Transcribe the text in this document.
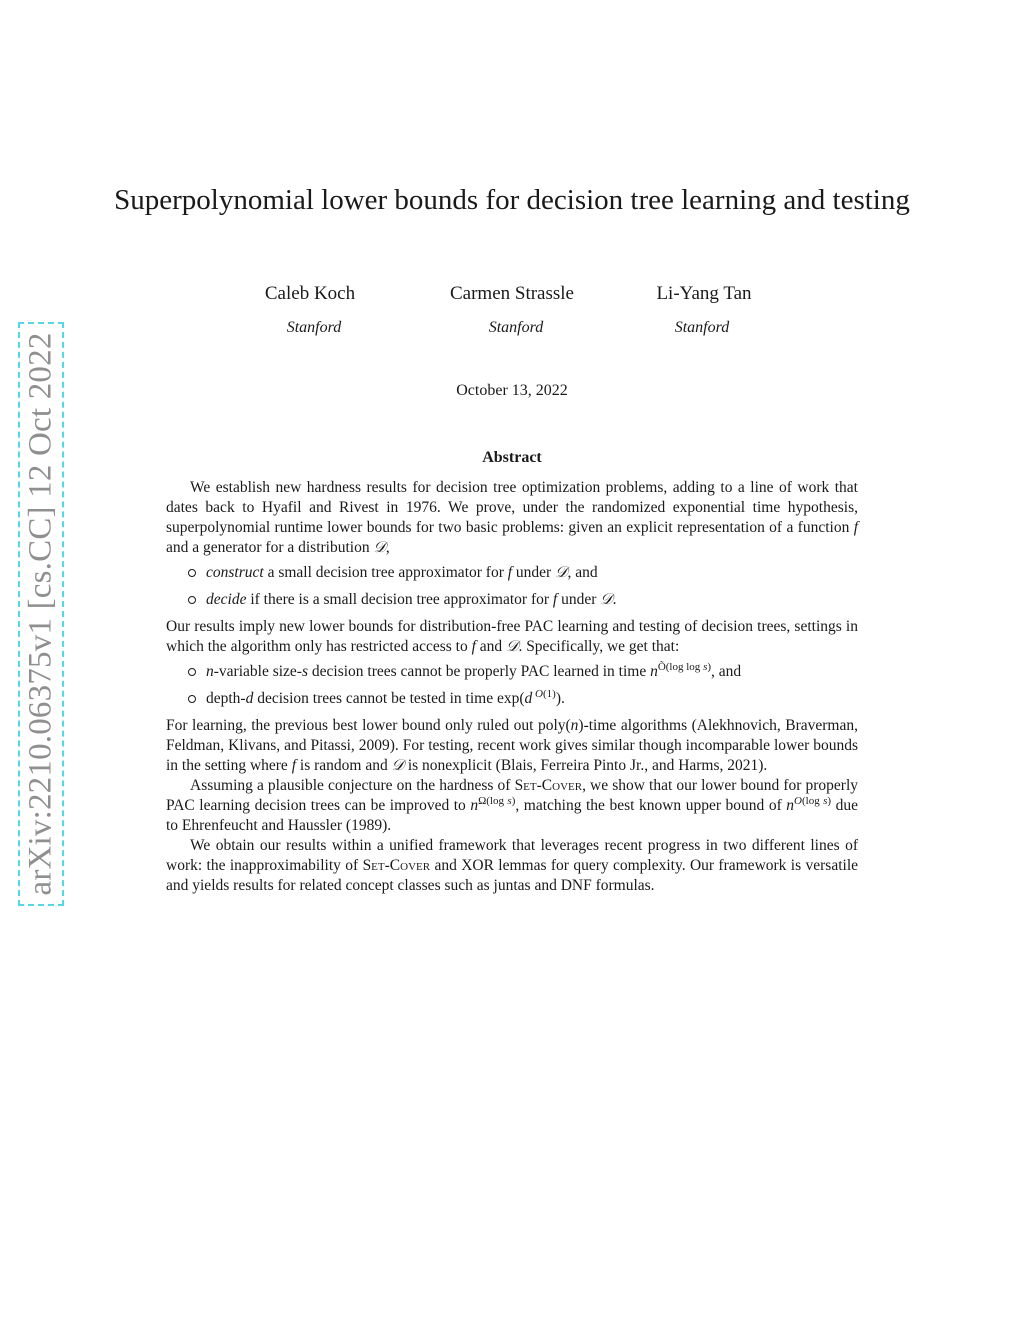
arXiv:2210.06375v1 [cs.CC] 12 Oct 2022
Superpolynomial lower bounds for decision tree learning and testing
Caleb Koch	Carmen Strassle	Li-Yang Tan
Stanford	Stanford	Stanford
October 13, 2022
Abstract

We establish new hardness results for decision tree optimization problems, adding to a line of work that dates back to Hyafil and Rivest in 1976. We prove, under the randomized exponential time hypothesis, superpolynomial runtime lower bounds for two basic problems: given an explicit representation of a function f and a generator for a distribution 𝒟,

construct a small decision tree approximator for f under 𝒟, and
decide if there is a small decision tree approximator for f under 𝒟.

Our results imply new lower bounds for distribution-free PAC learning and testing of decision trees, settings in which the algorithm only has restricted access to f and 𝒟. Specifically, we get that:

n-variable size-s decision trees cannot be properly PAC learned in time $n^{Õ(log log s)}$, and
depth-d decision trees cannot be tested in time exp(d $^{O(1)}$).

For learning, the previous best lower bound only ruled out poly(n)-time algorithms (Alekhnovich, Braverman, Feldman, Klivans, and Pitassi, 2009). For testing, recent work gives similar though incomparable lower bounds in the setting where f is random and 𝒟 is nonexplicit (Blais, Ferreira Pinto Jr., and Harms, 2021).

Assuming a plausible conjecture on the hardness of Set-Cover, we show that our lower bound for properly PAC learning decision trees can be improved to $n^{\Omega(log s)}$, matching the best known upper bound of $n^{O(log s)}$ due to Ehrenfeucht and Haussler (1989).

We obtain our results within a unified framework that leverages recent progress in two different lines of work: the inapproximability of Set-Cover and XOR lemmas for query complexity. Our framework is versatile and yields results for related concept classes such as juntas and DNF formulas.
